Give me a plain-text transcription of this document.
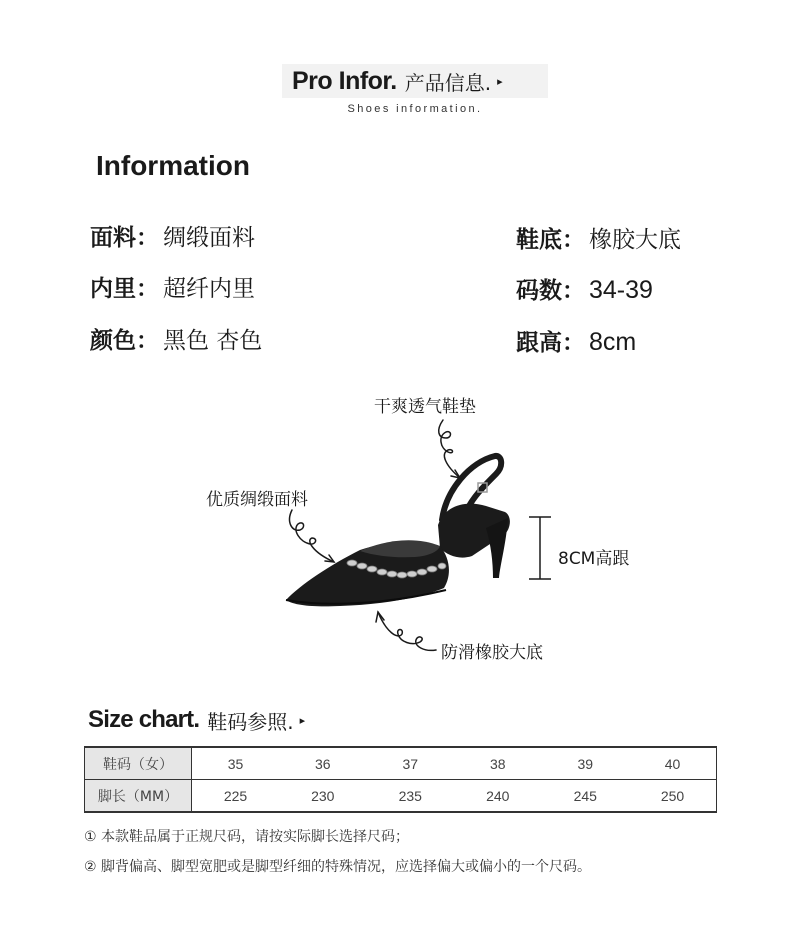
Pro Infor. 产品信息. ▸
Shoes information.
Information
面料： 绸缎面料
内里： 超纤内里
颜色： 黑色 杏色
鞋底： 橡胶大底
码数： 34-39
跟高： 8cm
干爽透气鞋垫
优质绸缎面料
8CM高跟
防滑橡胶大底
Size chart. 鞋码参照. ▸
鞋码（女）	35	36	37	38	39	40
脚长（MM）	225	230	235	240	245	250
① 本款鞋品属于正规尺码，请按实际脚长选择尺码；
② 脚背偏高、脚型宽肥或是脚型纤细的特殊情况，应选择偏大或偏小的一个尺码。
